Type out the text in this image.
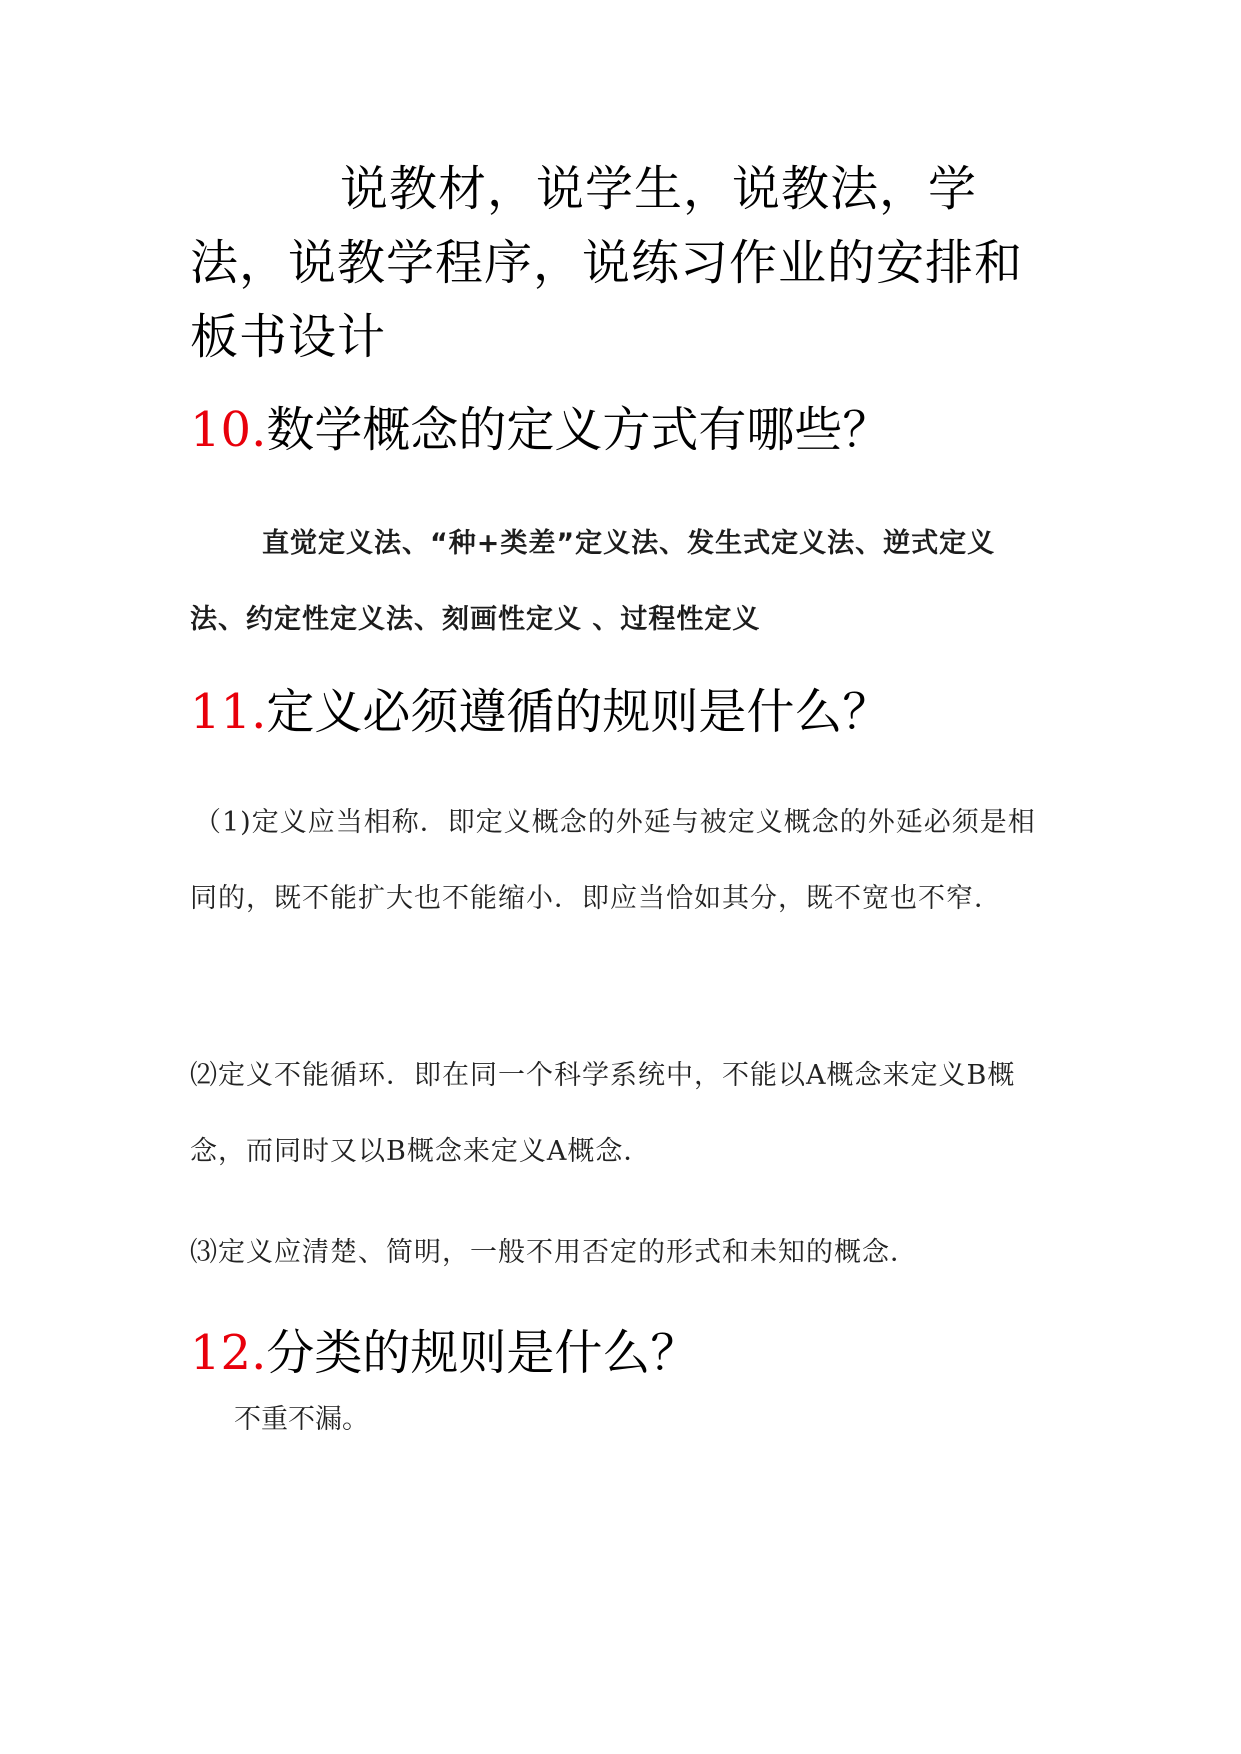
说教材，说学生，说教法，学法，说教学程序，说练习作业的安排和板书设计
10.数学概念的定义方式有哪些？
直觉定义法、“种+类差”定义法、发生式定义法、逆式定义法、约定性定义法、刻画性定义 、过程性定义
11.定义必须遵循的规则是什么？
（1)定义应当相称．即定义概念的外延与被定义概念的外延必须是相同的，既不能扩大也不能缩小．即应当恰如其分，既不宽也不窄．
⑵定义不能循环．即在同一个科学系统中，不能以A概念来定义B概念，而同时又以B概念来定义A概念．
⑶定义应清楚、简明，一般不用否定的形式和未知的概念．
12.分类的规则是什么？
不重不漏。
